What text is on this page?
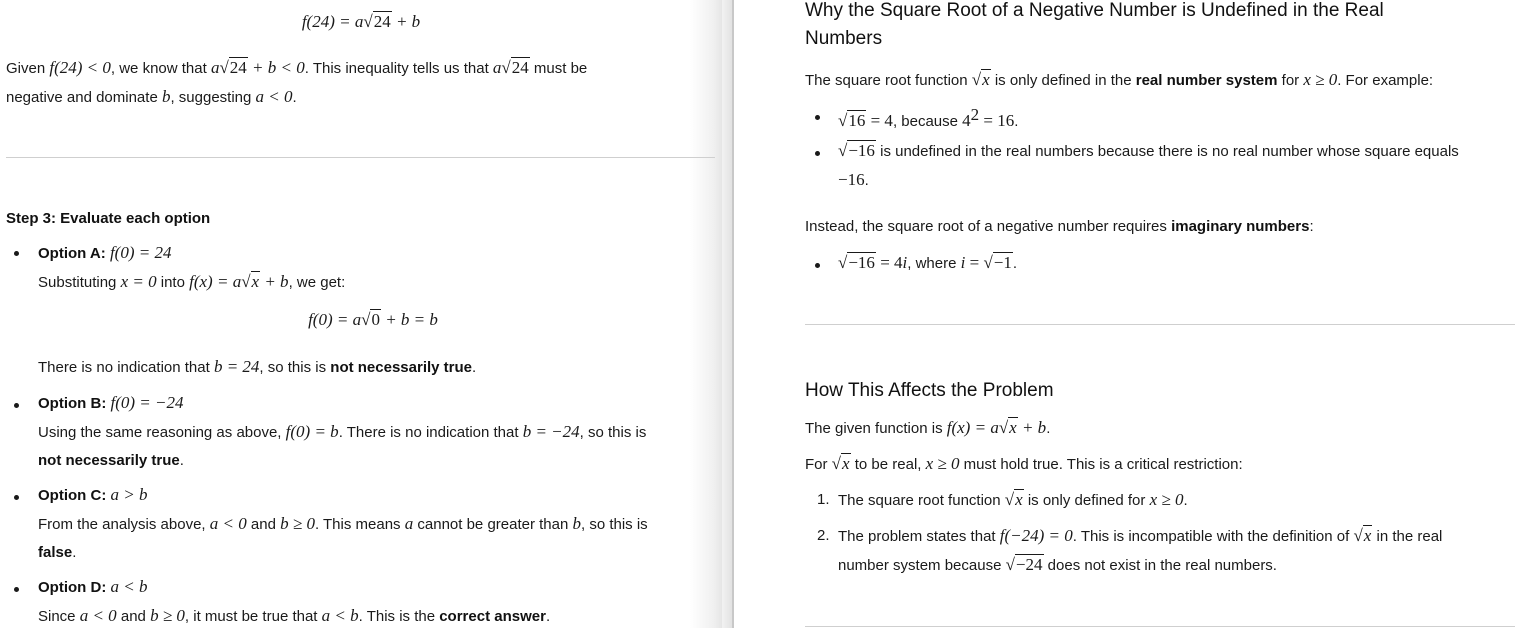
f(24) = a√24 + b
Given f(24) < 0, we know that a√24 + b < 0. This inequality tells us that a√24 must be
negative and dominate b, suggesting a < 0.
Step 3: Evaluate each option
Option A: f(0) = 24
Substituting x = 0 into f(x) = a√x + b, we get:
f(0) = a√0 + b = b
There is no indication that b = 24, so this is not necessarily true.
Option B: f(0) = −24
Using the same reasoning as above, f(0) = b. There is no indication that b = −24, so this is
not necessarily true.
Option C: a > b
From the analysis above, a < 0 and b ≥ 0. This means a cannot be greater than b, so this is
false.
Option D: a < b
Since a < 0 and b ≥ 0, it must be true that a < b. This is the correct answer.
Why the Square Root of a Negative Number is Undefined in the Real
Numbers
The square root function √x is only defined in the real number system for x ≥ 0. For example:
√16 = 4, because $4^2 = 16$.
√−16 is undefined in the real numbers because there is no real number whose square equals
−16.
Instead, the square root of a negative number requires imaginary numbers:
√−16 = 4i, where i = √−1.
How This Affects the Problem
The given function is f(x) = a√x + b.
For √x to be real, x ≥ 0 must hold true. This is a critical restriction:
1. The square root function √x is only defined for x ≥ 0.
2. The problem states that f(−24) = 0. This is incompatible with the definition of √x in the real
number system because √−24 does not exist in the real numbers.
